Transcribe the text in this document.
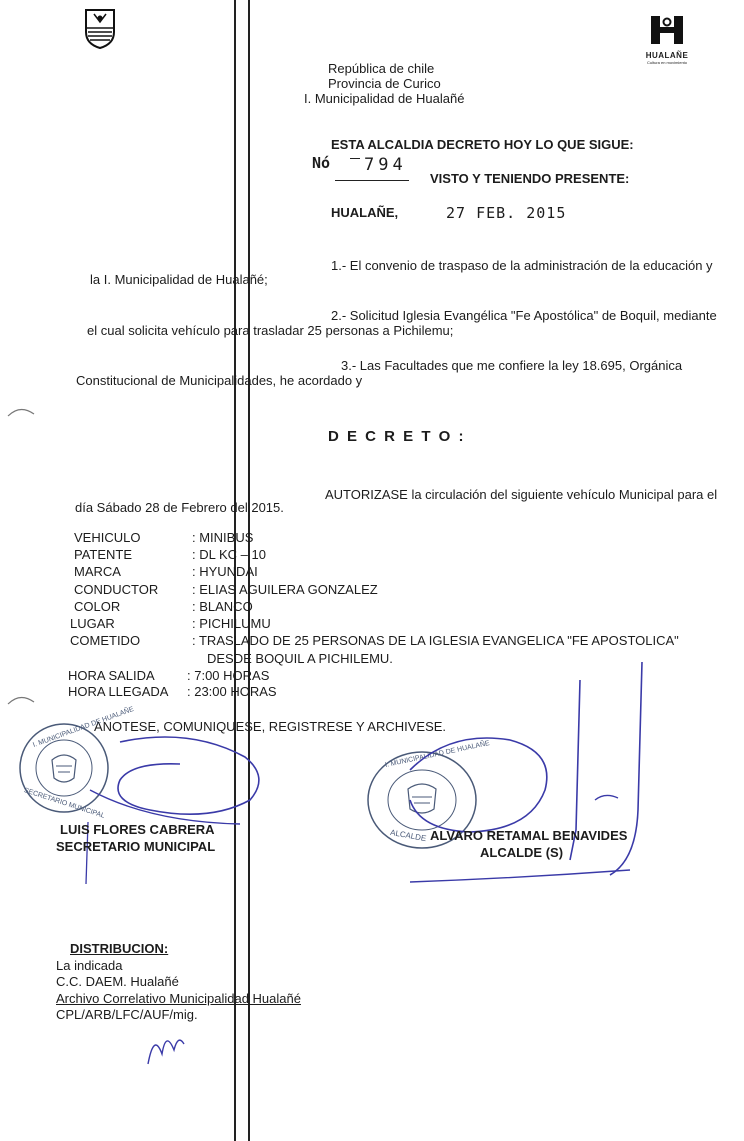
HUALAÑE
Cultura en movimiento
República de chile
Provincia de Curico
I. Municipalidad de Hualañé
ESTA ALCALDIA DECRETO HOY LO QUE SIGUE:
Nó 794
VISTO Y TENIENDO PRESENTE:
HUALAÑE,	27 FEB. 2015
1.- El convenio de traspaso de la administración de la educación y
la I. Municipalidad de Hualañé;
2.- Solicitud Iglesia Evangélica "Fe Apostólica" de Boquil, mediante
el cual solicita vehículo para trasladar 25 personas a Pichilemu;
3.- Las Facultades que me confiere la ley 18.695, Orgánica
Constitucional de Municipalidades, he acordado y
D E C R E T O :
AUTORIZASE la circulación del siguiente vehículo Municipal para el
día Sábado 28 de Febrero del 2015.
VEHICULO	: MINIBUS
PATENTE	: DL KC – 10
MARCA	: HYUNDAI
CONDUCTOR	: ELIAS AGUILERA GONZALEZ
COLOR	: BLANCO
LUGAR	: PICHILUMU
COMETIDO	: TRASLADO DE 25 PERSONAS DE LA IGLESIA EVANGELICA "FE APOSTOLICA"
DESDE BOQUIL A PICHILEMU.
HORA SALIDA : 7:00 HORAS
HORA LLEGADA : 23:00 HORAS
ANOTESE, COMUNIQUESE, REGISTRESE Y ARCHIVESE.
I. MUNICIPALIDAD DE HUALAÑE
SECRETARIO MUNICIPAL
LUIS FLORES CABRERA
SECRETARIO MUNICIPAL
I. MUNICIPALIDAD DE HUALAÑE
ALCALDE ALVARO RETAMAL BENAVIDES
ALCALDE (S)
DISTRIBUCION:
La indicada
C.C. DAEM. Hualañé
Archivo Correlativo Municipalidad Hualañé
CPL/ARB/LFC/AUF/mig.
